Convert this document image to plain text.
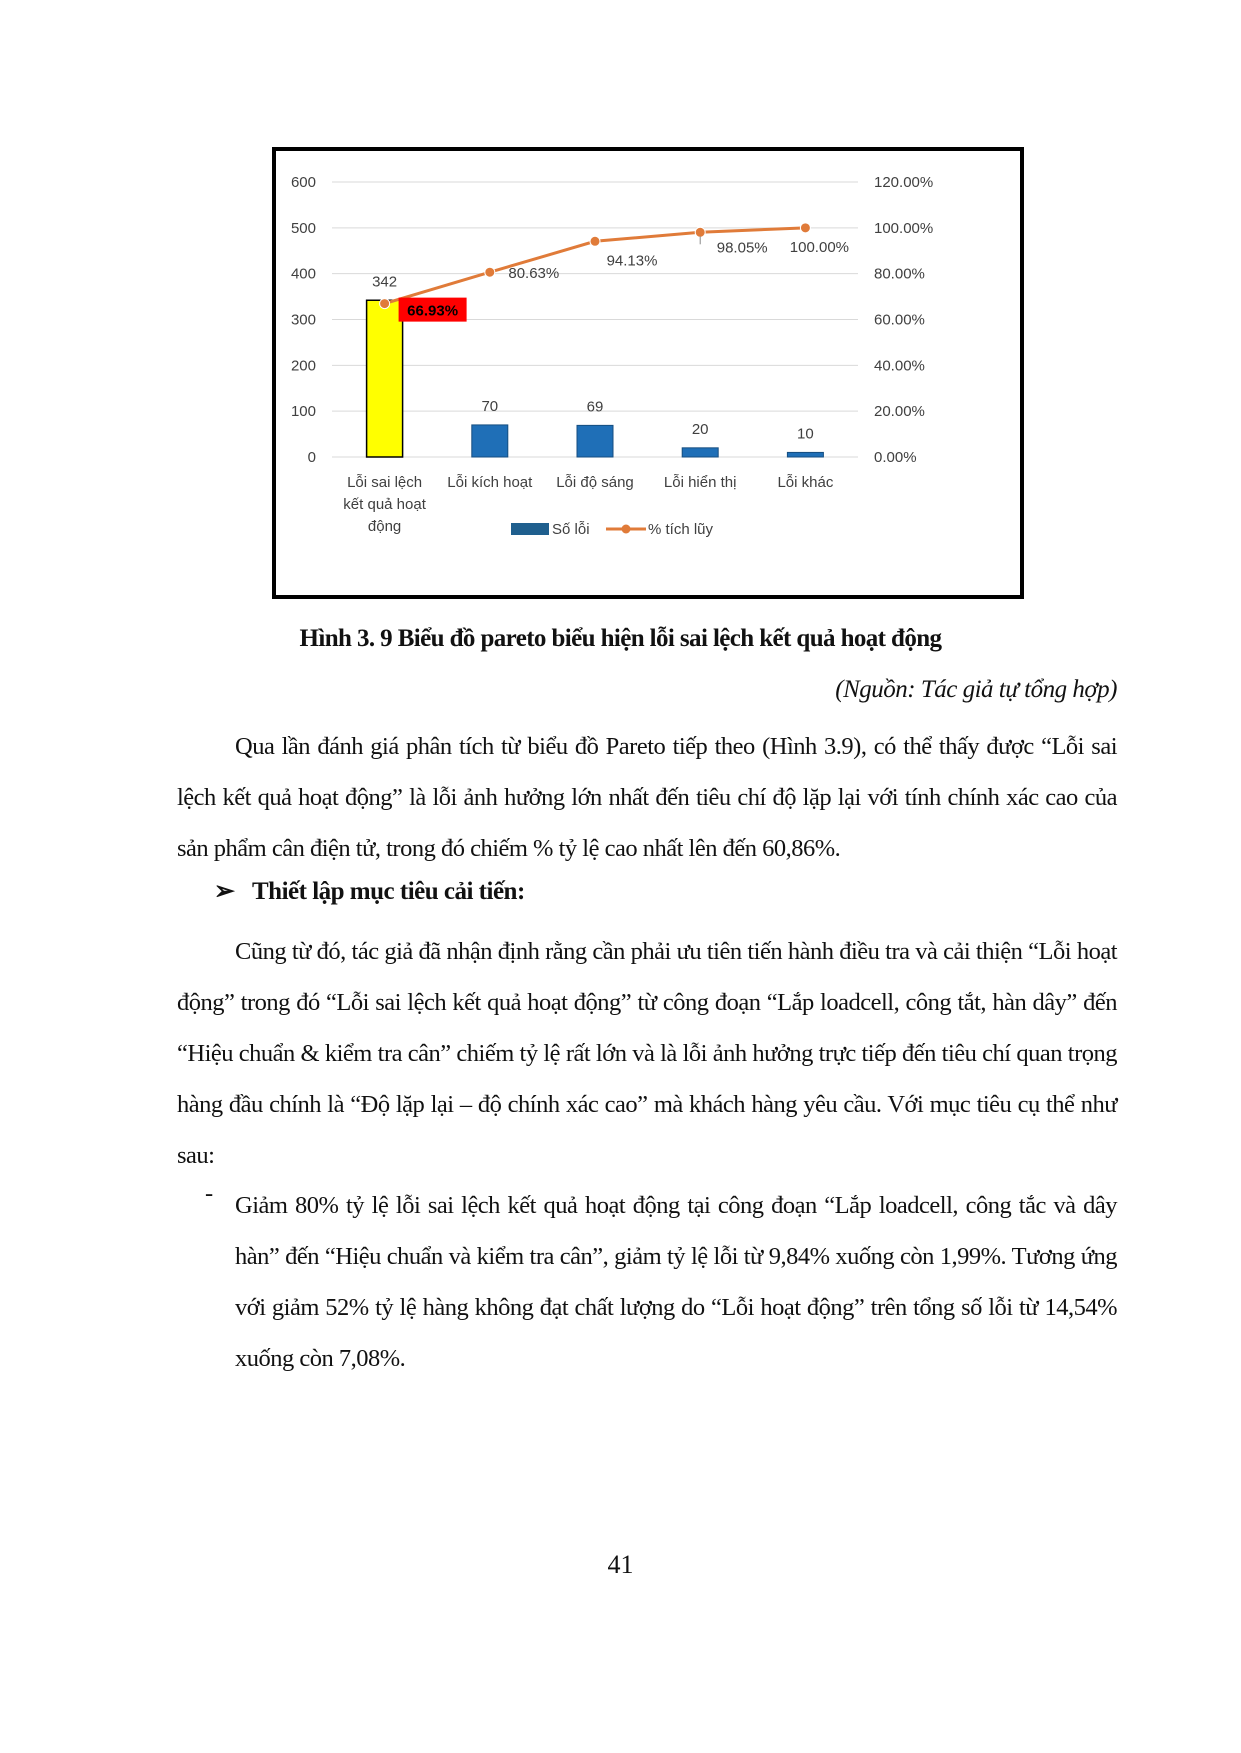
0
100
200
300
400
500
600
0.00%
20.00%
40.00%
60.00%
80.00%
100.00%
120.00%
342
70	69
20	10
Lỗi sai lệch
kết quả hoạt
động
Lỗi kích hoạt Lỗi độ sáng Lỗi hiển thị	Lỗi khác
66.93%
80.63%
94.13%
98.05% 100.00%
Số lỗi	% tích lũy
Hình 3. 9 Biểu đồ pareto biểu hiện lỗi sai lệch kết quả hoạt động
(Nguồn: Tác giả tự tổng hợp)

Qua lần đánh giá phân tích từ biểu đồ Pareto tiếp theo (Hình 3.9), có thể thấy được “Lỗi sai lệch kết quả hoạt động” là lỗi ảnh hưởng lớn nhất đến tiêu chí độ lặp lại với tính chính xác cao của sản phẩm cân điện tử, trong đó chiếm % tỷ lệ cao nhất lên đến 60,86%.

➢ Thiết lập mục tiêu cải tiến:

Cũng từ đó, tác giả đã nhận định rằng cần phải ưu tiên tiến hành điều tra và cải thiện “Lỗi hoạt động” trong đó “Lỗi sai lệch kết quả hoạt động” từ công đoạn “Lắp loadcell, công tắt, hàn dây” đến “Hiệu chuẩn & kiểm tra cân” chiếm tỷ lệ rất lớn và là lỗi ảnh hưởng trực tiếp đến tiêu chí quan trọng hàng đầu chính là “Độ lặp lại – độ chính xác cao” mà khách hàng yêu cầu. Với mục tiêu cụ thể như sau:

- Giảm 80% tỷ lệ lỗi sai lệch kết quả hoạt động tại công đoạn “Lắp loadcell, công tắc và dây hàn” đến “Hiệu chuẩn và kiểm tra cân”, giảm tỷ lệ lỗi từ 9,84% xuống còn 1,99%. Tương ứng với giảm 52% tỷ lệ hàng không đạt chất lượng do “Lỗi hoạt động” trên tổng số lỗi từ 14,54% xuống còn 7,08%.

41
